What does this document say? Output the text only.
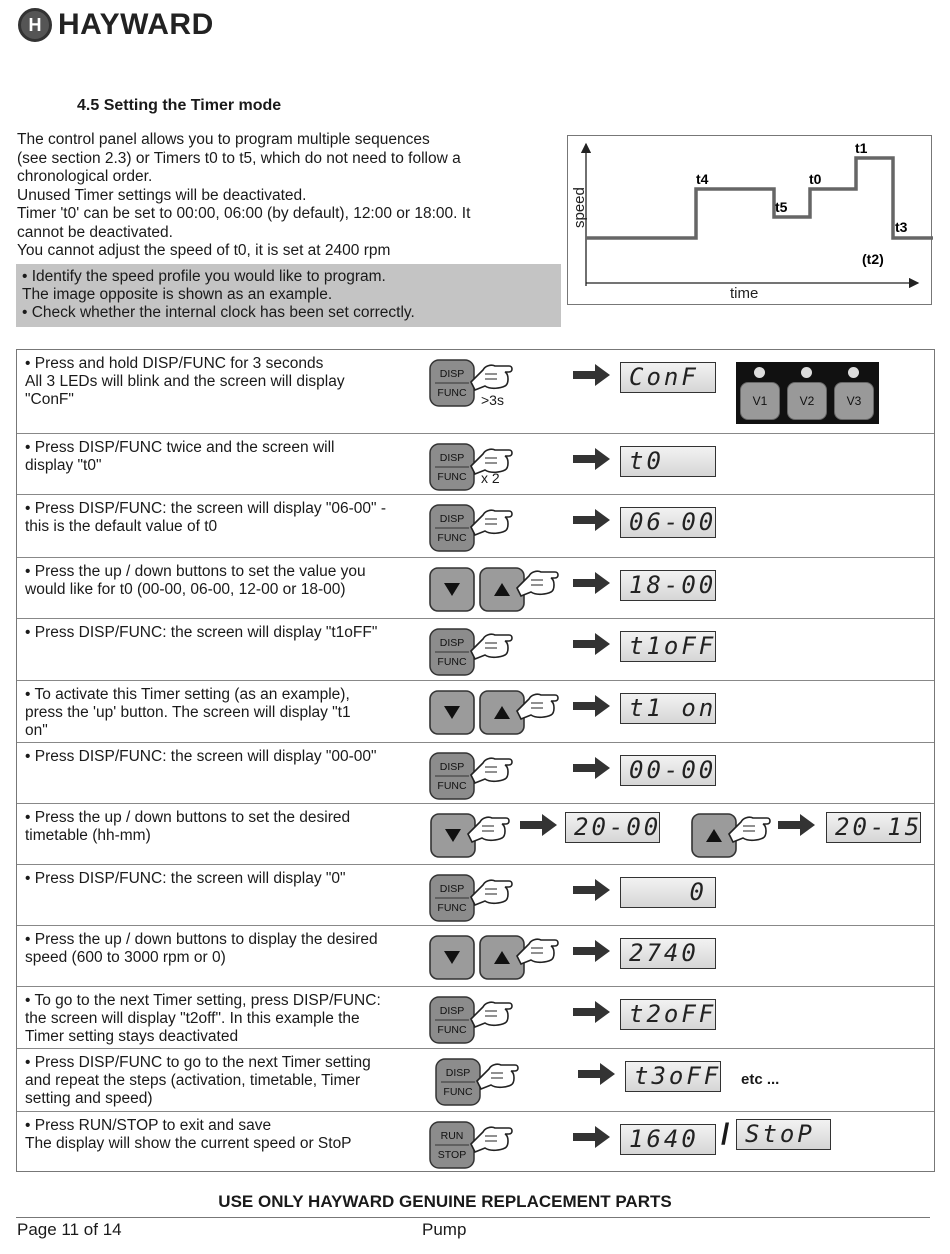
H HAYWARD
4.5 Setting the Timer mode
The control panel allows you to program multiple sequences
(see section 2.3) or Timers t0 to t5, which do not need to follow a
chronological order.
Unused Timer settings will be deactivated.
Timer 't0' can be set to 00:00, 06:00 (by default), 12:00 or 18:00. It
cannot be deactivated.
You cannot adjust the speed of t0, it is set at 2400 rpm
• Identify the speed profile you would like to program.
The image opposite is shown as an example.
• Check whether the internal clock has been set correctly.
speed
time
t4
t5
t0
t1
t3
(t2)
• Press and hold DISP/FUNC for 3 seconds
All 3 LEDs will blink and the screen will display
"ConF"
DISP
FUNC >3s
ConF
V1	V2	V3
• Press DISP/FUNC twice and the screen will
display "t0"	DISP
FUNC x 2
t0
• Press DISP/FUNC: the screen will display "06-00" -
this is the default value of t0	DISP
FUNC
06-00
• Press the up / down buttons to set the value you
would like for t0 (00-00, 06-00, 12-00 or 18-00)	18-00
• Press DISP/FUNC: the screen will display "t1oFF"
DISP
FUNC
t1oFF
• To activate this Timer setting (as an example),
press the 'up' button. The screen will display "t1
on"
t1 on
• Press DISP/FUNC: the screen will display "00-00"
DISP
FUNC
00-00
• Press the up / down buttons to set the desired
timetable (hh-mm)	20-00	20-15
• Press DISP/FUNC: the screen will display "0"
DISP
FUNC
0
• Press the up / down buttons to display the desired
speed (600 to 3000 rpm or 0)	2740
• To go to the next Timer setting, press DISP/FUNC:
the screen will display "t2off". In this example the
Timer setting stays deactivated
DISP
FUNC
t2oFF
• Press DISP/FUNC to go to the next Timer setting
and repeat the steps (activation, timetable, Timer
setting and speed)
DISP
FUNC
t3oFF etc ...
• Press RUN/STOP to exit and save
The display will show the current speed or StoP	RUN
STOP
1640 / StoP
USE ONLY HAYWARD GENUINE REPLACEMENT PARTS
Page 11 of 14	Pump
